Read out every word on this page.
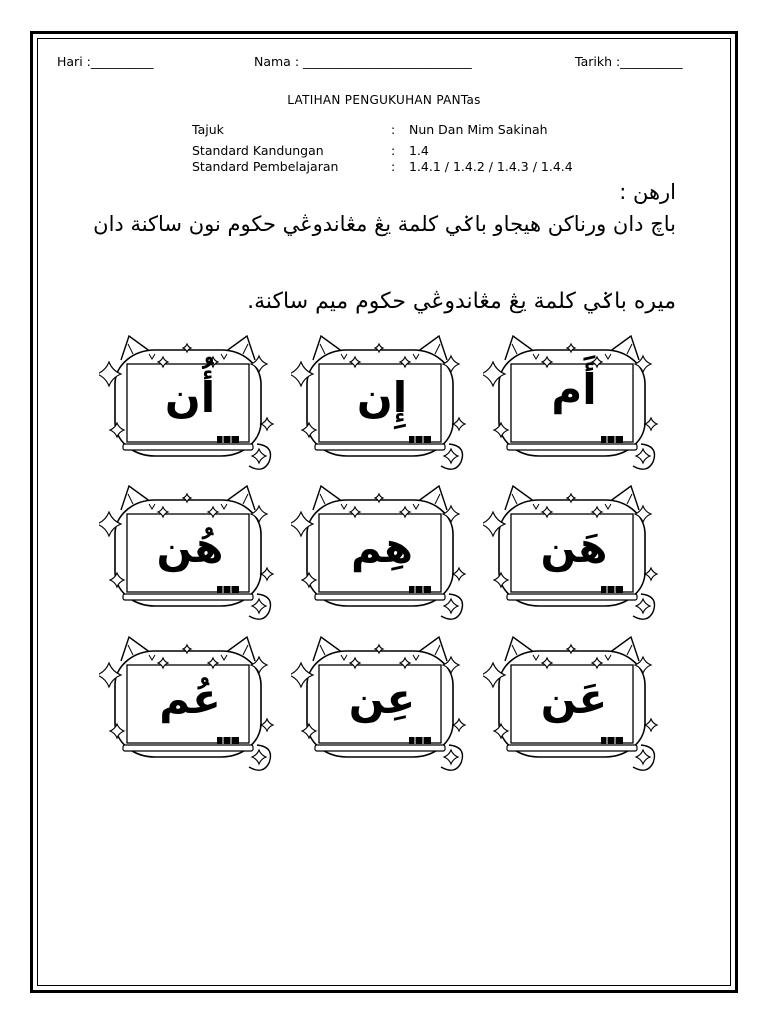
Hari :__________	Nama : ___________________________	Tarikh :__________
LATIHAN PENGUKUHAN PANTas
Tajuk	: Nun Dan Mim Sakinah
Standard Kandungan	: 1.4
Standard Pembelajaran	: 1.4.1 / 1.4.2 / 1.4.3 / 1.4.4
ارهن :
باچ دان ورناکن هيجاو باݢي کلمة يڠ مڠاندوڠي حکوم نون ساکنة دان
ميره باݢي کلمة يڠ مڠاندوڠي حکوم ميم ساکنة.
أَم
إِن
أُن
هَن
هِم
هُن
عَن
عِن
عُم
